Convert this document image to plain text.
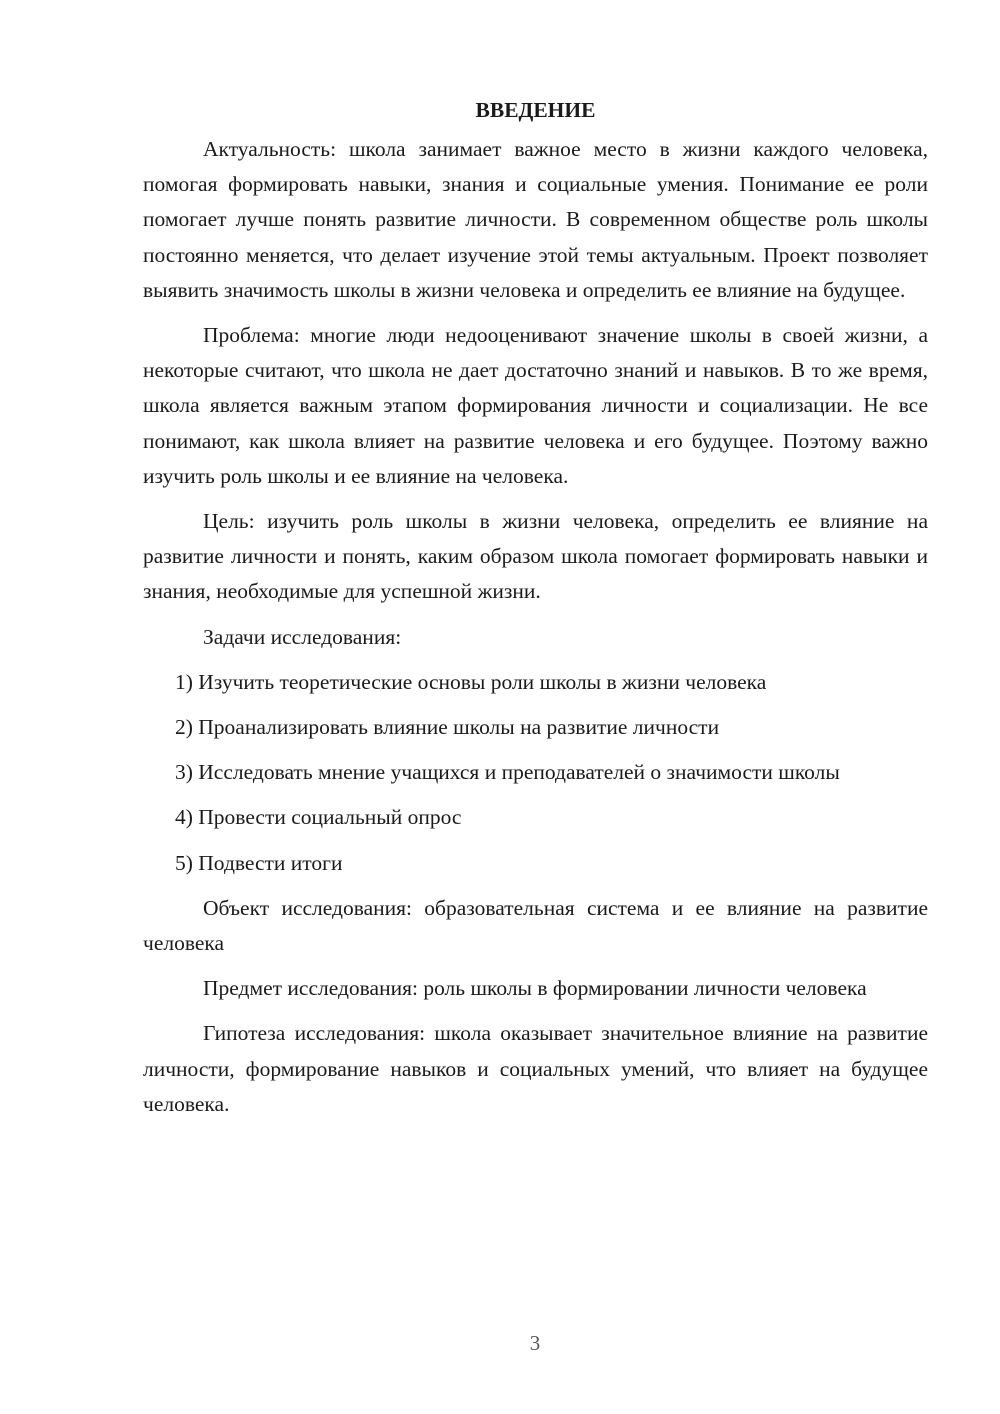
ВВЕДЕНИЕ

Актуальность: школа занимает важное место в жизни каждого человека, помогая формировать навыки, знания и социальные умения. Понимание ее роли помогает лучше понять развитие личности. В современном обществе роль школы постоянно меняется, что делает изучение этой темы актуальным. Проект позволяет выявить значимость школы в жизни человека и определить ее влияние на будущее.

Проблема: многие люди недооценивают значение школы в своей жизни, а некоторые считают, что школа не дает достаточно знаний и навыков. В то же время, школа является важным этапом формирования личности и социализации. Не все понимают, как школа влияет на развитие человека и его будущее. Поэтому важно изучить роль школы и ее влияние на человека.

Цель: изучить роль школы в жизни человека, определить ее влияние на развитие личности и понять, каким образом школа помогает формировать навыки и знания, необходимые для успешной жизни.

Задачи исследования:

1) Изучить теоретические основы роли школы в жизни человека

2) Проанализировать влияние школы на развитие личности

3) Исследовать мнение учащихся и преподавателей о значимости школы

4) Провести социальный опрос

5) Подвести итоги

Объект исследования: образовательная система и ее влияние на развитие человека

Предмет исследования: роль школы в формировании личности человека

Гипотеза исследования: школа оказывает значительное влияние на развитие личности, формирование навыков и социальных умений, что влияет на будущее человека.

3
